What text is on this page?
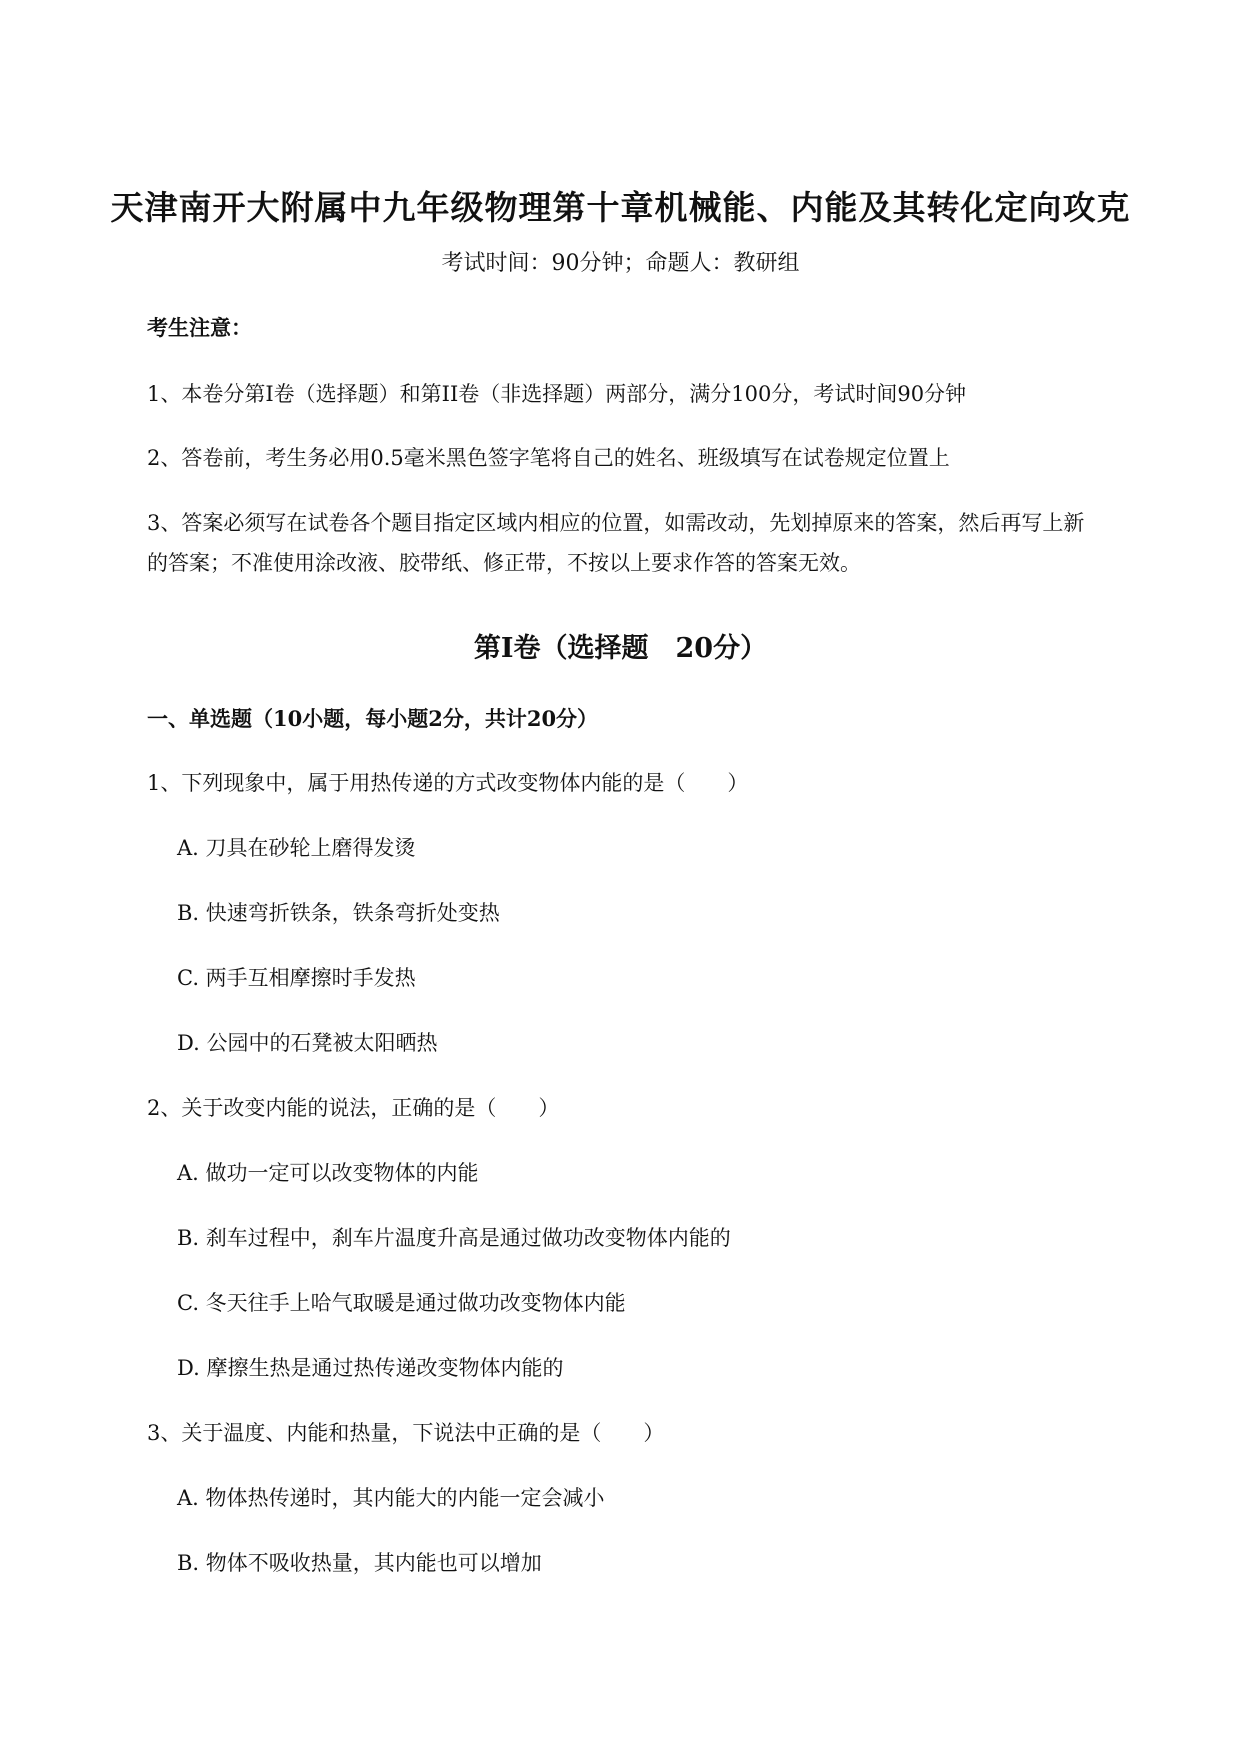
天津南开大附属中九年级物理第十章机械能、内能及其转化定向攻克

考试时间：90分钟；命题人：教研组

考生注意：

1、本卷分第I卷（选择题）和第II卷（非选择题）两部分，满分100分，考试时间90分钟

2、答卷前，考生务必用0.5毫米黑色签字笔将自己的姓名、班级填写在试卷规定位置上

3、答案必须写在试卷各个题目指定区域内相应的位置，如需改动，先划掉原来的答案，然后再写上新

的答案；不准使用涂改液、胶带纸、修正带，不按以上要求作答的答案无效。

第I卷（选择题　20分）

一、单选题（10小题，每小题2分，共计20分）

1、下列现象中，属于用热传递的方式改变物体内能的是（　　）

A. 刀具在砂轮上磨得发烫

B. 快速弯折铁条，铁条弯折处变热

C. 两手互相摩擦时手发热

D. 公园中的石凳被太阳晒热

2、关于改变内能的说法，正确的是（　　）

A. 做功一定可以改变物体的内能

B. 刹车过程中，刹车片温度升高是通过做功改变物体内能的

C. 冬天往手上哈气取暖是通过做功改变物体内能

D. 摩擦生热是通过热传递改变物体内能的

3、关于温度、内能和热量，下说法中正确的是（　　）

A. 物体热传递时，其内能大的内能一定会减小

B. 物体不吸收热量，其内能也可以增加
